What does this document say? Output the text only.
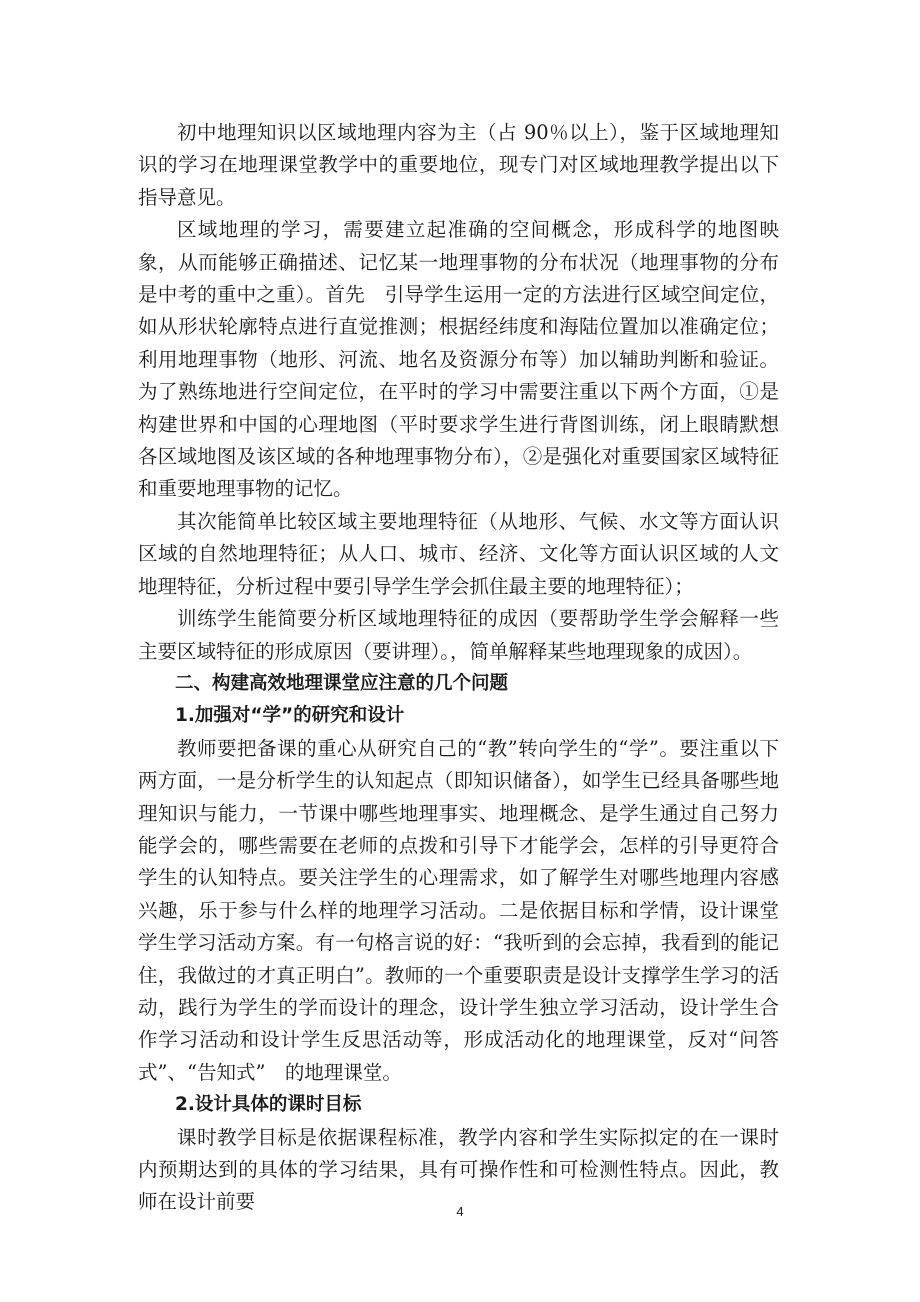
初中地理知识以区域地理内容为主（占 90％以上），鉴于区域地理知识的学习在地理课堂教学中的重要地位，现专门对区域地理教学提出以下指导意见。

区域地理的学习，需要建立起准确的空间概念，形成科学的地图映象，从而能够正确描述、记忆某一地理事物的分布状况（地理事物的分布是中考的重中之重）。首先　引导学生运用一定的方法进行区域空间定位，如从形状轮廓特点进行直觉推测；根据经纬度和海陆位置加以准确定位；利用地理事物（地形、河流、地名及资源分布等）加以辅助判断和验证。为了熟练地进行空间定位，在平时的学习中需要注重以下两个方面，①是构建世界和中国的心理地图（平时要求学生进行背图训练，闭上眼睛默想各区域地图及该区域的各种地理事物分布），②是强化对重要国家区域特征和重要地理事物的记忆。

其次能简单比较区域主要地理特征（从地形、气候、水文等方面认识区域的自然地理特征；从人口、城市、经济、文化等方面认识区域的人文地理特征，分析过程中要引导学生学会抓住最主要的地理特征）；

训练学生能简要分析区域地理特征的成因（要帮助学生学会解释一些主要区域特征的形成原因（要讲理）。，简单解释某些地理现象的成因）。

二、构建高效地理课堂应注意的几个问题

1.加强对“学”的研究和设计

教师要把备课的重心从研究自己的“教”转向学生的“学”。要注重以下两方面，一是分析学生的认知起点（即知识储备），如学生已经具备哪些地理知识与能力，一节课中哪些地理事实、地理概念、是学生通过自己努力能学会的，哪些需要在老师的点拨和引导下才能学会，怎样的引导更符合学生的认知特点。要关注学生的心理需求，如了解学生对哪些地理内容感兴趣，乐于参与什么样的地理学习活动。二是依据目标和学情，设计课堂学生学习活动方案。有一句格言说的好：“我听到的会忘掉，我看到的能记住，我做过的才真正明白”。教师的一个重要职责是设计支撑学生学习的活动，践行为学生的学而设计的理念，设计学生独立学习活动，设计学生合作学习活动和设计学生反思活动等，形成活动化的地理课堂，反对“问答式”、“告知式”　的地理课堂。

2.设计具体的课时目标

课时教学目标是依据课程标准，教学内容和学生实际拟定的在一课时内预期达到的具体的学习结果，具有可操作性和可检测性特点。因此，教师在设计前要	4
